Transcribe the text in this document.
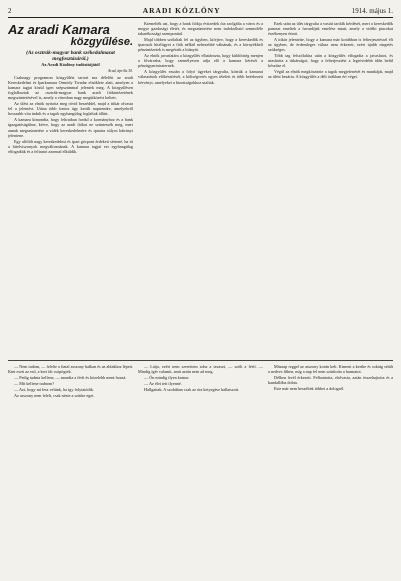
2	ARADI KÖZLÖNY	1914. május 1.
Az aradi Kamara
közgyűlése.
(Az osztrák-magyar bank székedalmazat megfosztásáról.)
Az Aradi Közlöny tudósítójától
Arad, április 30.

Csaknagy programon közgyűlést tartott ma délelőtt az aradi Kereskedelmi és Iparkamara Ormódy Tivadar elnöklete alatt, amelyen a kamara tagjai közül igen szépszámmal jelentek meg. A közgyűlésen foglalkoztak az osztrák-magyar bank aradi fiókintézetének megszüntetésével is, amely a városban nagy megütközést keltett.

Az ülést az elnök nyitotta meg rövid beszéddel, majd a titkár olvasta fel a jelentést. Utána több fontos ügy került napirendre, amelyekről hosszabb vita indult és a tagok egyhangúlag foglaltak állást.

A kamara kimondta, hogy feliratban fordul a kormányhoz és a bank igazgatóságához, kérve, hogy az aradi fiókot ne szüntessék meg, mert annak megszüntetése a vidék kereskedelmére és iparára súlyos hátrányt jelentene.

Egy alföldi nagy kereskedelmi és ipari gócpont érdekeit sértené, ha itt a hitelviszonyok megváltoznának. A kamara tagjai ezt egyhangúlag elfogadták és a feliratot azonnal elküldik.

Kiemelték azt, hogy a bank fiókja évtizedek óta szolgálta a város és a megye gazdasági életét, és megszüntetése nem indokolható semmiféle takarékossági szemponttal.

Majd többen szólaltak fel az ügyben, kifejtve, hogy a kereskedők és iparosok hitelügyei a fiók nélkül nehezebbé válnának, és a környékbeli pénzintézetek is megérzik a hiányát.

Az elnök javaslatára a közgyűlés elhatározta, hogy küldöttség menjen a fővárosba, hogy személyesen adja elő a kamara kérését a pénzügyminiszternek.

A közgyűlés ezután a folyó ügyeket tárgyalta, köztük a kamarai választások előkészítését, a költségvetés egyes tételeit és több beérkezett kérvényt, amelyeket a bizottságokhoz utaltak.

Ezek után az ülés tárgyalta a vasúti tarifák kérdését, mert a kereskedők panaszt emeltek a fuvardíjak emelése miatt, amely a vidéki piacokat érzékenyen érinti.

A titkár jelentette, hogy a kamara már korábban is felterjesztéssel élt az ügyben, de érdemleges válasz nem érkezett, ezért újabb sürgetés szükséges.

Több tag felszólalása után a közgyűlés elfogadta a javaslatot, és utasította a titkárságot, hogy a felterjesztést a legrövidebb időn belül készítse el.

Végül az elnök megköszönte a tagok megjelenését és munkáját, majd az ülést bezárta. A közgyűlés a déli órákban ért véget.

— Nem tudom, — felelte a fiatal asszony halkan és az ablakhoz lépett. Kint esett az eső, a kert fái csöpögtek.

— Pedig tudnia kellene, — mondta a férfi és közelebb ment hozzá.

— Mit kellene tudnom?

— Azt, hogy mi lesz velünk, ha így folytatódik.

Az asszony nem felelt, csak nézte a szürke eget.

— Látja, ezért nem szerettem soha a tavaszt, — szólt a férfi. — Mindig ígér valamit, amit aztán nem ad meg.

— Ön mindig ilyen komor.

— Az élet tett ilyenné.

Hallgattak. A szobában csak az óra ketyegése hallatszott.

Másnap reggel az asszony korán kelt. Kiment a kertbe és sokáig sétált a nedves fűben, míg a nap fel nem szárította a harmatot.

Délben levél érkezett. Felbontotta, elolvasta, aztán összehajtotta és a kandallóba dobta.

Este már nem beszéltek többet a dologról.
